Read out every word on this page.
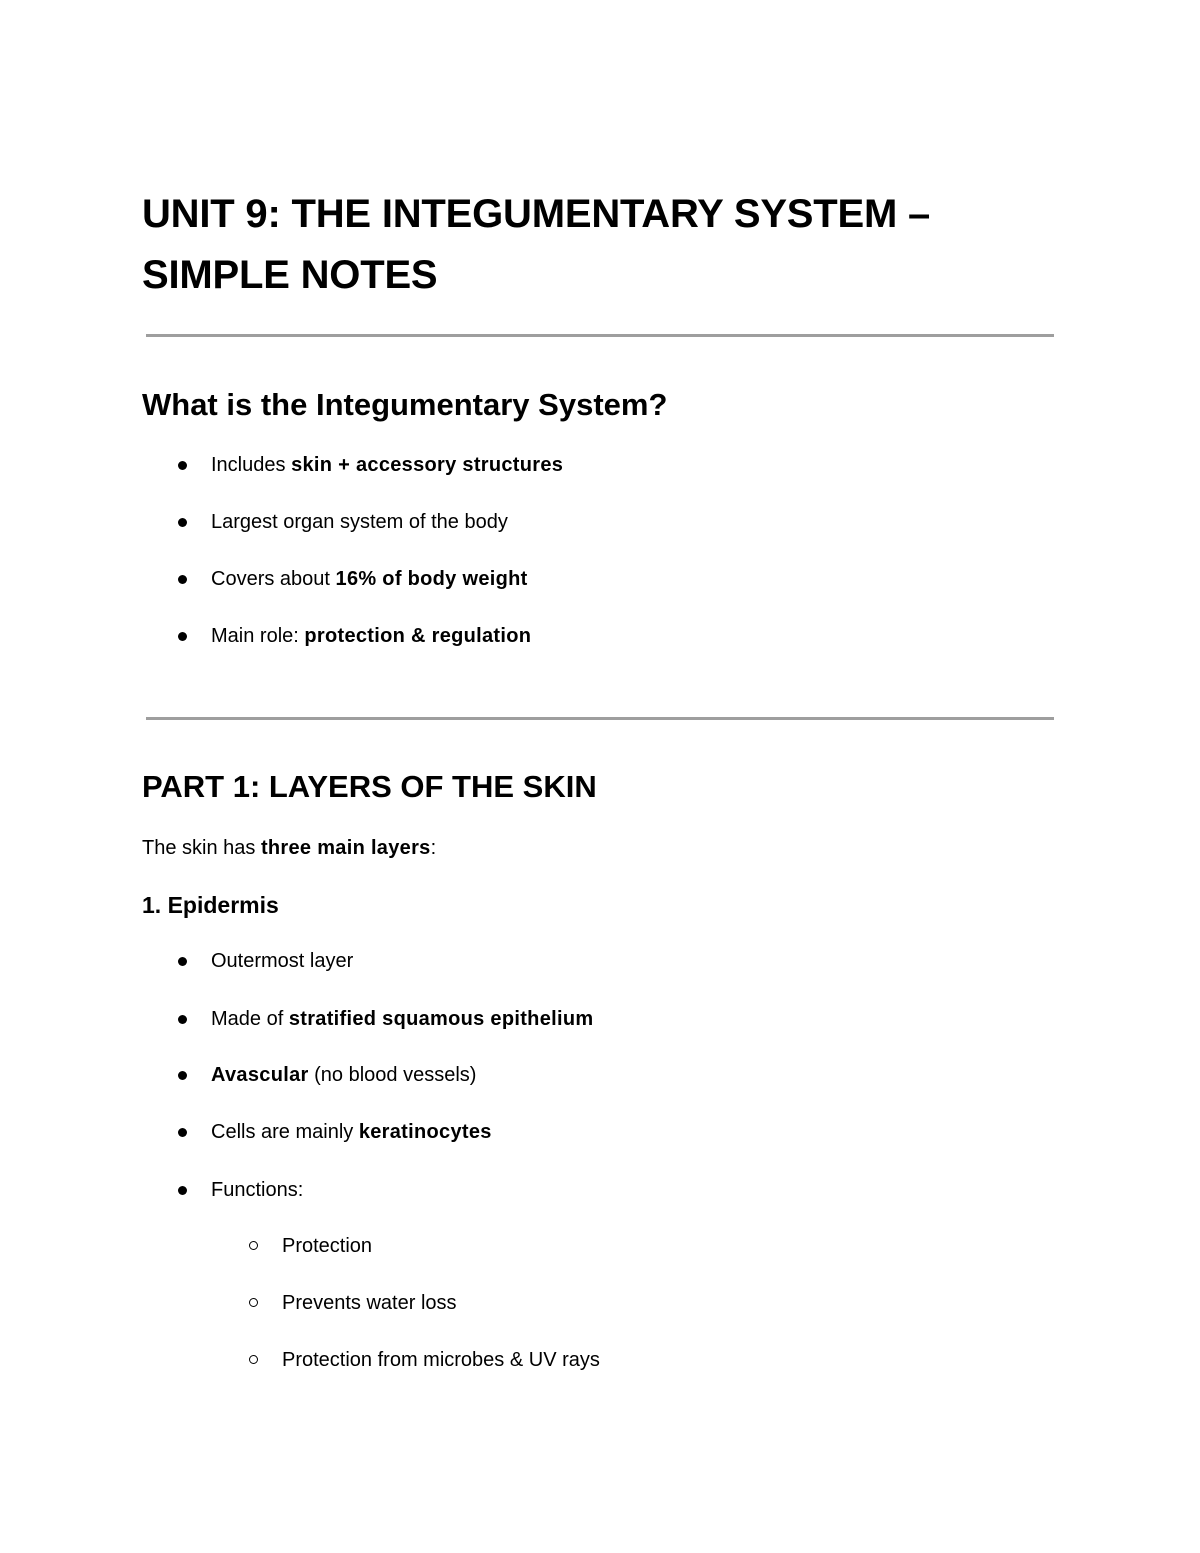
UNIT 9: THE INTEGUMENTARY SYSTEM –
SIMPLE NOTES
What is the Integumentary System?
Includes skin + accessory structures
Largest organ system of the body
Covers about 16% of body weight
Main role: protection & regulation
PART 1: LAYERS OF THE SKIN
The skin has three main layers:
1. Epidermis
Outermost layer
Made of stratified squamous epithelium
Avascular (no blood vessels)
Cells are mainly keratinocytes
Functions:
Protection
Prevents water loss
Protection from microbes & UV rays
